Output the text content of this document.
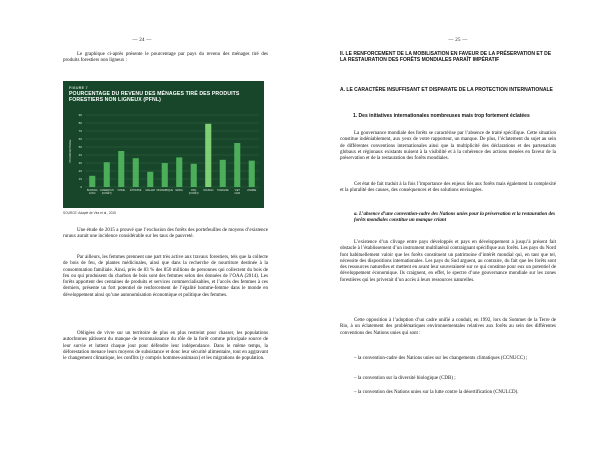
— 24 —
Le graphique ci-après présente le pourcentage par pays du revenu des ménages tiré des produits forestiers non ligneux :
FIGURE 7
POURCENTAGE DU REVENU DES MÉNAGES TIRÉ DES PRODUITS FORESTIERS NON LIGNEUX (PFNL)
0
10
20
30
40
50
60
70
80
90
POURCENTAGE
BURKINA
FASO
CAMEROUN
(FORÊT)
CHINE ÉTHIOPIE MALAWI MOZAMBIQUE NÉPAL	RDC
(FORÊT)
SOUDAN TANZANIE	VIET
NAM
ZAMBIE
SOURCE: Adapté de Vira et al., 2015
Une étude de 2015 a prouvé que l’exclusion des forêts des portefeuilles de moyens d’existence ruraux aurait une incidence considérable sur les taux de pauvreté.
Par ailleurs, les femmes prennent une part très active aux travaux forestiers, tels que la collecte de bois de feu, de plantes médicinales, ainsi que dans la recherche de nourriture destinée à la consommation familiale. Ainsi, près de 83 % des 850 millions de personnes qui collectent du bois de feu ou qui produisent du charbon de bois sont des femmes selon des données de l’OAA (2014). Les forêts apportent des centaines de produits et services commercialisables, et l’accès des femmes à ces derniers, présente un fort potentiel de renforcement de l’égalité homme-femme dans le monde en développement ainsi qu’une autonomisation économique et politique des femmes.
Obligées de vivre sur un territoire de plus en plus restreint pour chasser, les populations autochtones pâtissent du manque de reconnaissance du rôle de la forêt comme principale source de leur survie et luttent chaque jour pour défendre leur indépendance. Dans le même temps, la déforestation menace leurs moyens de subsistance et donc leur sécurité alimentaire, tout en aggravant le changement climatique, les conflits (y compris hommes-animaux) et les migrations de population.
— 25 —
II. LE RENFORCEMENT DE LA MOBILISATION EN FAVEUR DE LA PRÉSERVATION ET DE LA RESTAURATION DES FORÊTS MONDIALES PARAÎT IMPÉRATIF
A. LE CARACTÈRE INSUFFISANT ET DISPARATE DE LA PROTECTION INTERNATIONALE
1. Des initiatives internationales nombreuses mais trop fortement éclatées
La gouvernance mondiale des forêts se caractérise par l’absence de traité spécifique. Cette situation constitue indéniablement, aux yeux de votre rapporteur, un manque. De plus, l’éclatement du sujet au sein de différentes conventions internationales ainsi que la multiplicité des déclarations et des partenariats globaux et régionaux existants nuisent à la visibilité et à la cohérence des actions menées en faveur de la préservation et de la restauration des forêts mondiales.
Cet état de fait traduit à la fois l’importance des enjeux liés aux forêts mais également la complexité et la pluralité des causes, des conséquences et des solutions envisagées.
a. L’absence d’une convention-cadre des Nations unies pour la préservation et la restauration des forêts mondiales constitue un manque criant
L’existence d’un clivage entre pays développés et pays en développement a jusqu’à présent fait obstacle à l’établissement d’un instrument multilatéral contraignant spécifique aux forêts. Les pays du Nord font habituellement valoir que les forêts constituent un patrimoine d’intérêt mondial qui, en tant que tel, nécessite des dispositions internationales. Les pays du Sud arguent, au contraire, du fait que les forêts sont des ressources naturelles et mettent en avant leur souveraineté sur ce qui constitue pour eux un potentiel de développement économique. Ils craignent, en effet, le spectre d’une gouvernance mondiale sur les zones forestières qui les priverait d’un accès à leurs ressources naturelles.
Cette opposition à l’adoption d’un cadre unifié a conduit, en 1992, lors du Sommet de la Terre de Rio, à un éclatement des problématiques environnementales relatives aux forêts au sein des différentes conventions des Nations unies qui sont :
– la convention-cadre des Nations unies sur les changements climatiques (CCNUCC) ;
– la convention sur la diversité biologique (CDB) ;
– la convention des Nations unies sur la lutte contre la désertification (CNULCD).
